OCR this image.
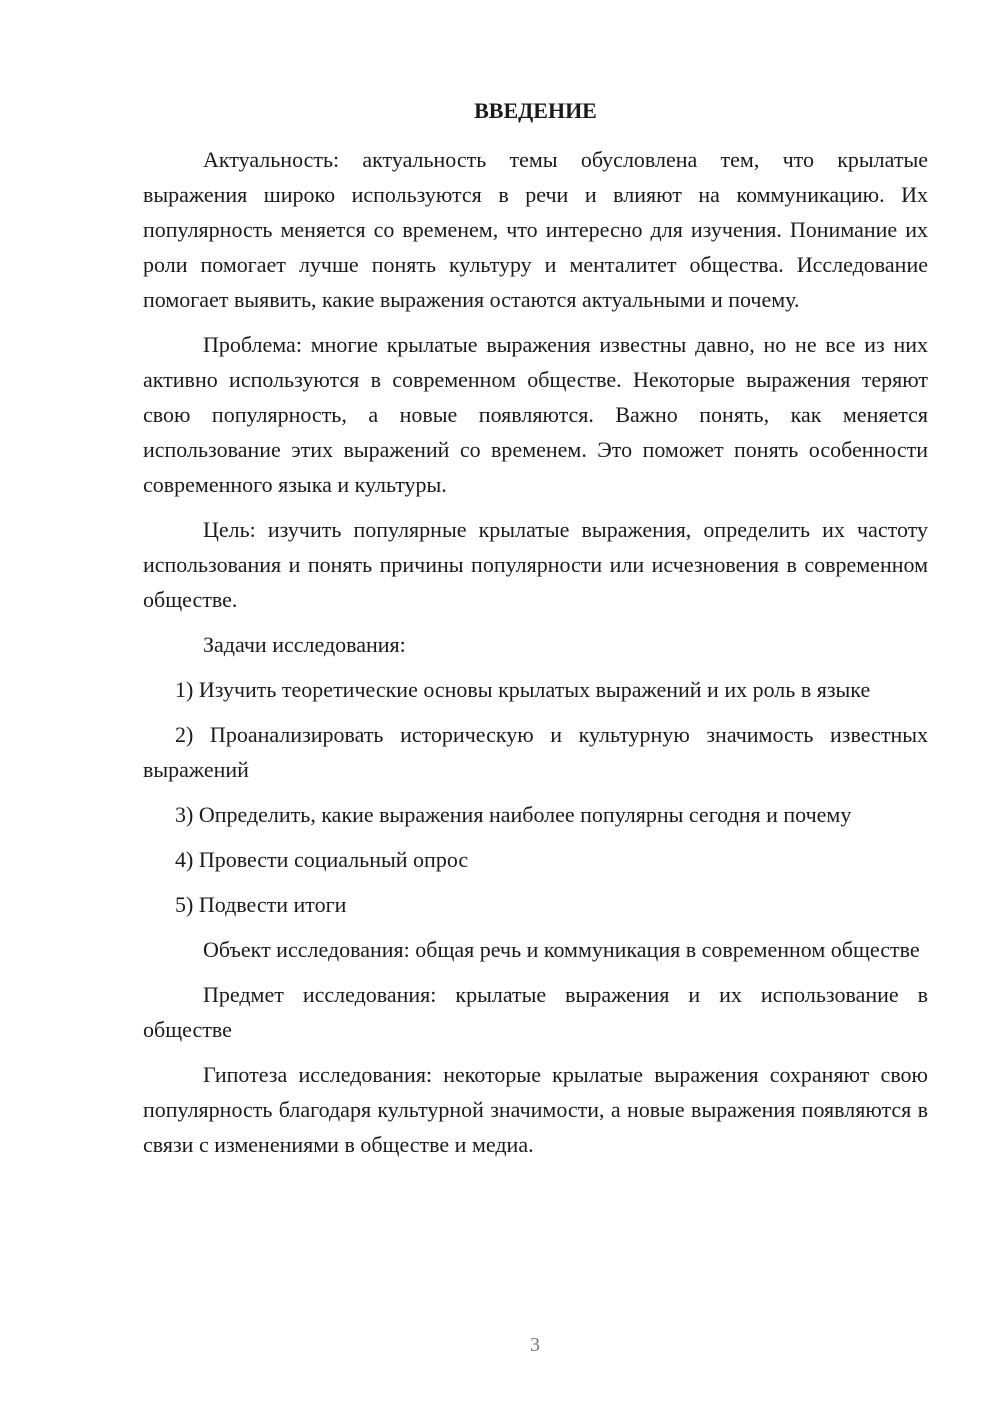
ВВЕДЕНИЕ

Актуальность: актуальность темы обусловлена тем, что крылатые выражения широко используются в речи и влияют на коммуникацию. Их популярность меняется со временем, что интересно для изучения. Понимание их роли помогает лучше понять культуру и менталитет общества. Исследование помогает выявить, какие выражения остаются актуальными и почему.

Проблема: многие крылатые выражения известны давно, но не все из них активно используются в современном обществе. Некоторые выражения теряют свою популярность, а новые появляются. Важно понять, как меняется использование этих выражений со временем. Это поможет понять особенности современного языка и культуры.

Цель: изучить популярные крылатые выражения, определить их частоту использования и понять причины популярности или исчезновения в современном обществе.

Задачи исследования:

1) Изучить теоретические основы крылатых выражений и их роль в языке

2) Проанализировать историческую и культурную значимость известных выражений

3) Определить, какие выражения наиболее популярны сегодня и почему

4) Провести социальный опрос

5) Подвести итоги

Объект исследования: общая речь и коммуникация в современном обществе

Предмет исследования: крылатые выражения и их использование в обществе

Гипотеза исследования: некоторые крылатые выражения сохраняют свою популярность благодаря культурной значимости, а новые выражения появляются в связи с изменениями в обществе и медиа.

3
